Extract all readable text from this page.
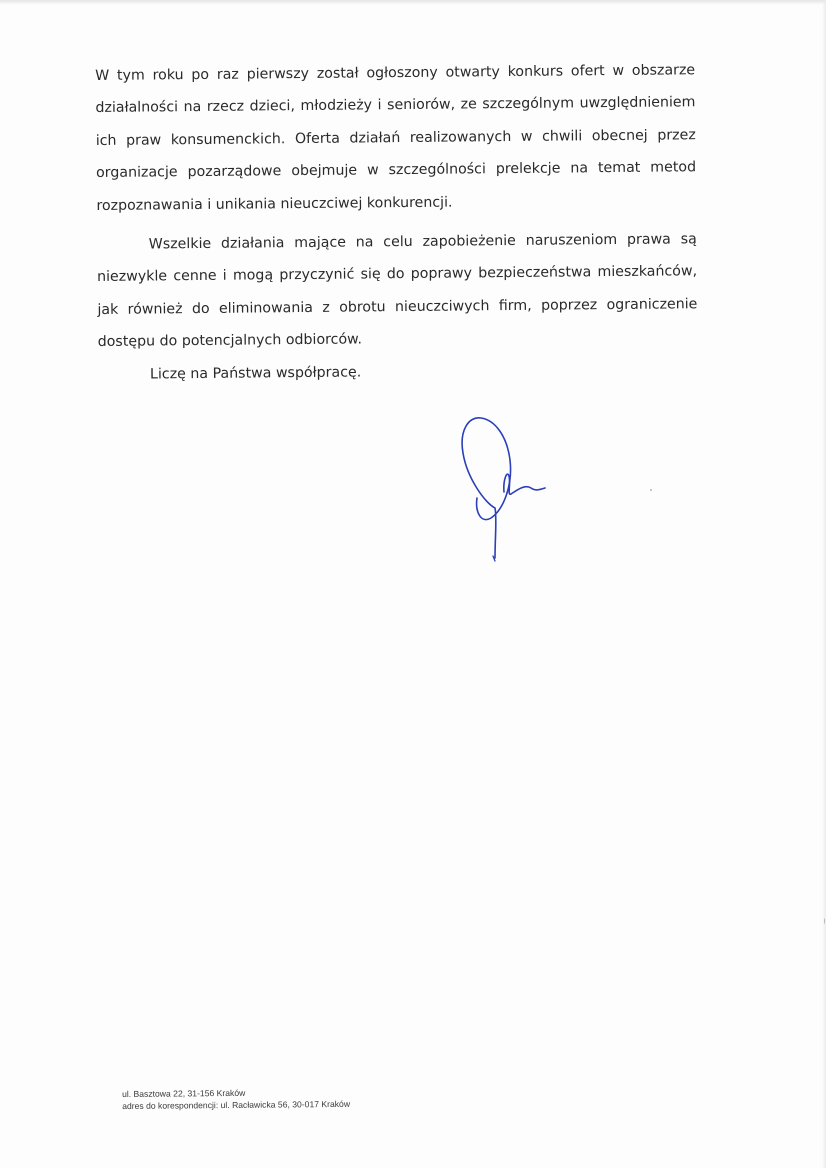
W tym roku po raz pierwszy został ogłoszony otwarty konkurs ofert w obszarze działalności na rzecz dzieci, młodzieży i seniorów, ze szczególnym uwzględnieniem ich praw konsumenckich. Oferta działań realizowanych w chwili obecnej przez organizacje pozarządowe obejmuje w szczególności prelekcje na temat metod rozpoznawania i unikania nieuczciwej konkurencji.

Wszelkie działania mające na celu zapobieżenie naruszeniom prawa są niezwykle cenne i mogą przyczynić się do poprawy bezpieczeństwa mieszkańców, jak również do eliminowania z obrotu nieuczciwych firm, poprzez ograniczenie dostępu do potencjalnych odbiorców.

Liczę na Państwa współpracę.

ul. Basztowa 22, 31-156 Kraków
adres do korespondencji: ul. Racławicka 56, 30-017 Kraków
